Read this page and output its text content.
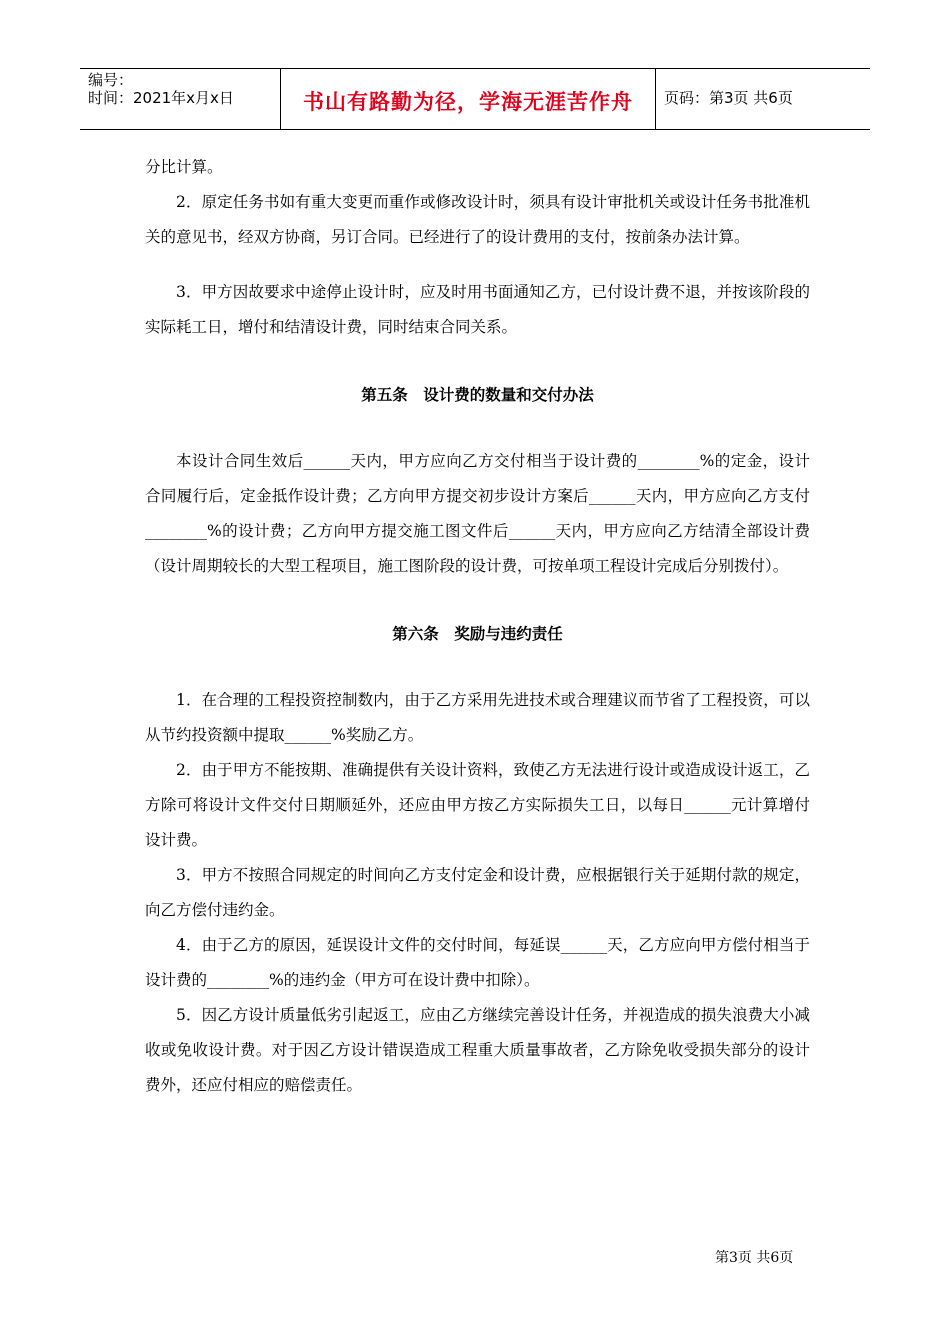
编号：
时间：2021年x月x日	书山有路勤为径，学海无涯苦作舟	页码：第3页 共6页

分比计算。

2．原定任务书如有重大变更而重作或修改设计时，须具有设计审批机关或设计任务书批准机关的意见书，经双方协商，另订合同。已经进行了的设计费用的支付，按前条办法计算。

3．甲方因故要求中途停止设计时，应及时用书面通知乙方，已付设计费不退，并按该阶段的实际耗工日，增付和结清设计费，同时结束合同关系。

第五条　设计费的数量和交付办法

本设计合同生效后______天内，甲方应向乙方交付相当于设计费的________%的定金，设计合同履行后，定金抵作设计费；乙方向甲方提交初步设计方案后______天内，甲方应向乙方支付________%的设计费；乙方向甲方提交施工图文件后______天内，甲方应向乙方结清全部设计费（设计周期较长的大型工程项目，施工图阶段的设计费，可按单项工程设计完成后分别拨付）。

第六条　奖励与违约责任

1．在合理的工程投资控制数内，由于乙方采用先进技术或合理建议而节省了工程投资，可以从节约投资额中提取______%奖励乙方。

2．由于甲方不能按期、准确提供有关设计资料，致使乙方无法进行设计或造成设计返工，乙方除可将设计文件交付日期顺延外，还应由甲方按乙方实际损失工日，以每日______元计算增付设计费。

3．甲方不按照合同规定的时间向乙方支付定金和设计费，应根据银行关于延期付款的规定，向乙方偿付违约金。

4．由于乙方的原因，延误设计文件的交付时间，每延误______天，乙方应向甲方偿付相当于设计费的________%的违约金（甲方可在设计费中扣除）。

5．因乙方设计质量低劣引起返工，应由乙方继续完善设计任务，并视造成的损失浪费大小减收或免收设计费。对于因乙方设计错误造成工程重大质量事故者，乙方除免收受损失部分的设计费外，还应付相应的赔偿责任。

第3页 共6页
